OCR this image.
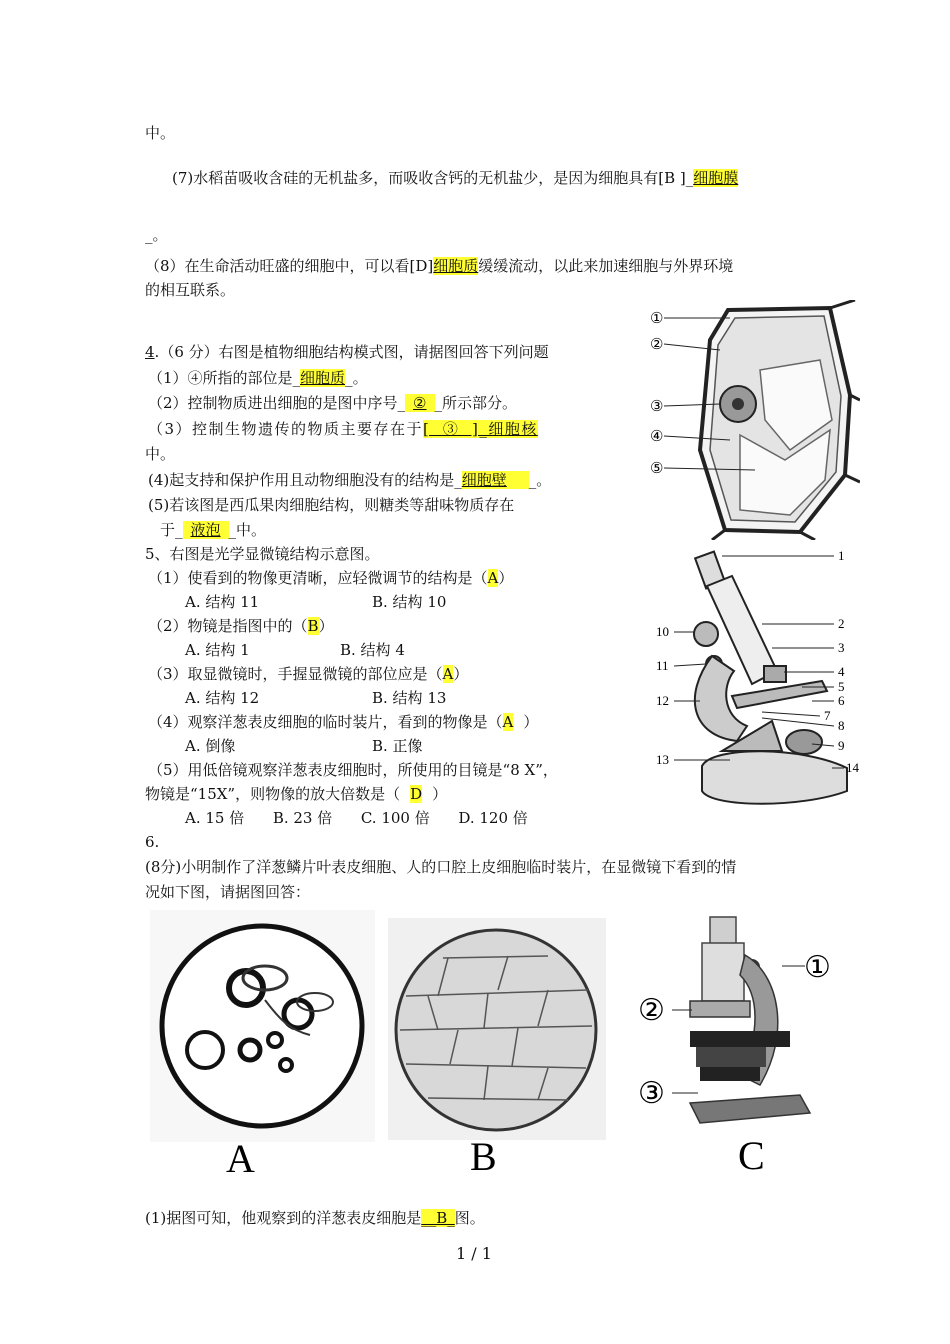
中。
(7)水稻苗吸收含硅的无机盐多，而吸收含钙的无机盐少，是因为细胞具有[B ]_细胞膜
_。
（8）在生命活动旺盛的细胞中，可以看[D]细胞质缓缓流动，以此来加速细胞与外界环境
的相互联系。
4.（6 分）右图是植物细胞结构模式图，请据图回答下列问题
（1）④所指的部位是_细胞质_。
（2）控制物质进出细胞的是图中序号_ ② _所示部分。
（3）控制生物遗传的物质主要存在于[  ③  ]_细胞核
中。
(4)起支持和保护作用且动物细胞没有的结构是_细胞壁 _。
(5)若该图是西瓜果肉细胞结构，则糖类等甜味物质存在
于_ 液泡 _中。
5、右图是光学显微镜结构示意图。
（1）使看到的物像更清晰，应轻微调节的结构是（A）
A. 结构 11	B. 结构 10
（2）物镜是指图中的（B）
A. 结构 1	B. 结构 4
（3）取显微镜时，手握显微镜的部位应是（A）
A. 结构 12	B. 结构 13
（4）观察洋葱表皮细胞的临时装片，看到的物像是（A ）
A. 倒像	B. 正像
（5）用低倍镜观察洋葱表皮细胞时，所使用的目镜是“8 X”，
物镜是“15X”，则物像的放大倍数是（ D ）
A. 15 倍      B. 23 倍      C. 100 倍      D. 120 倍
6.
(8分)小明制作了洋葱鳞片叶表皮细胞、人的口腔上皮细胞临时装片，在显微镜下看到的情
况如下图，请据图回答：
(1)据图可知，他观察到的洋葱表皮细胞是__B_图。
1 / 1
①
②
③
④
⑤
1
2
3
4
5
6
7
8
9
10
11
12
13
14
A	B
①
②
③
C
